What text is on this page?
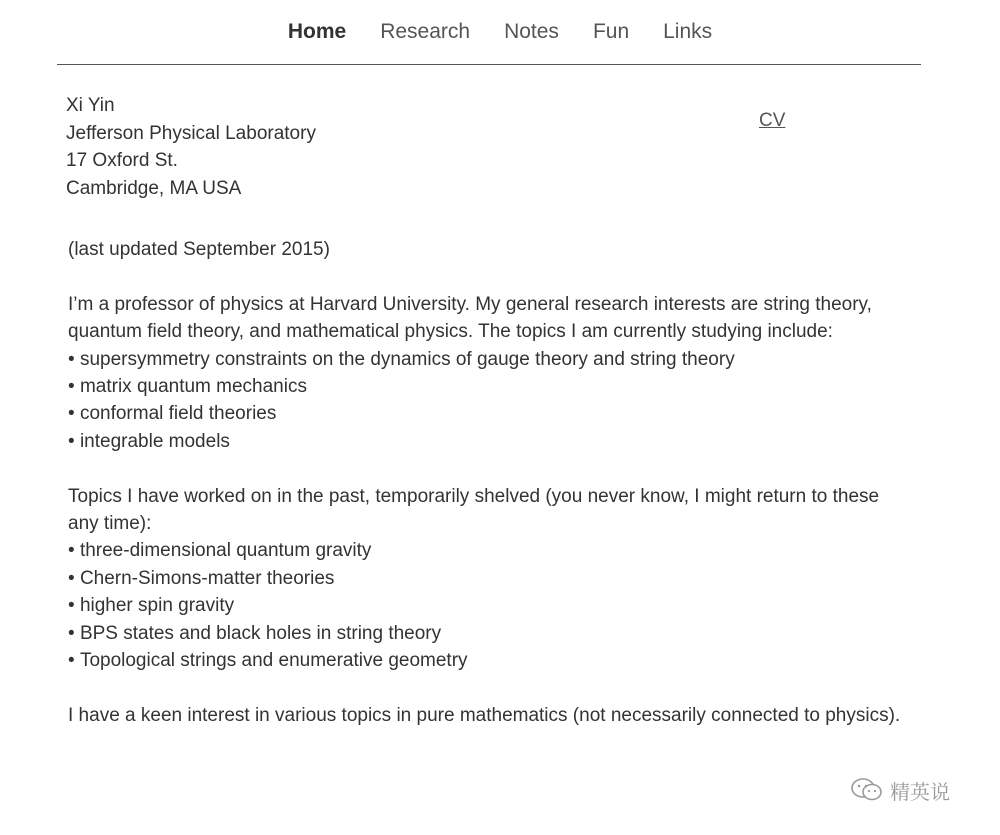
Home Research Notes Fun Links
Xi Yin
Jefferson Physical Laboratory
17 Oxford St.
Cambridge, MA USA
CV

(last updated September 2015)

I’m a professor of physics at Harvard University. My general research interests are string theory, quantum field theory, and mathematical physics. The topics I am currently studying include:

• supersymmetry constraints on the dynamics of gauge theory and string theory
• matrix quantum mechanics
• conformal field theories
• integrable models

Topics I have worked on in the past, temporarily shelved (you never know, I might return to these any time):

• three-dimensional quantum gravity
• Chern-Simons-matter theories
• higher spin gravity
• BPS states and black holes in string theory
• Topological strings and enumerative geometry

I have a keen interest in various topics in pure mathematics (not necessarily connected to physics).

精英说
